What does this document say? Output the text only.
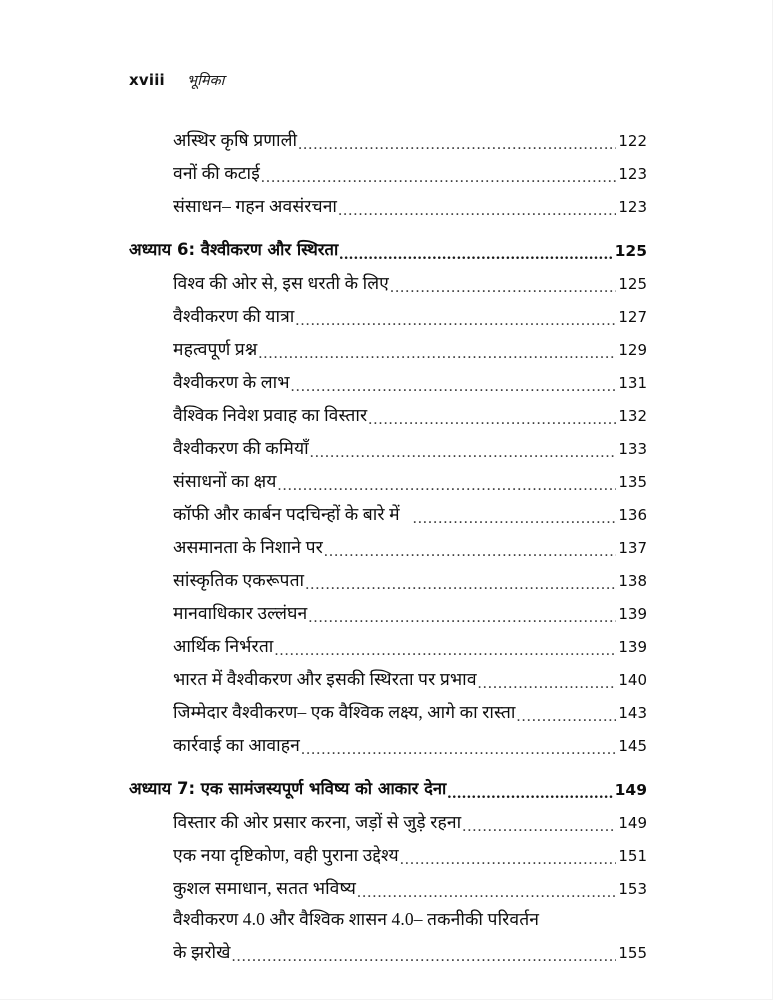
xviii भूमिका
अस्थिर कृषि प्रणाली .....	122
वनों की कटाई .....	123
संसाधन– गहन अवसंरचना .....	123
अध्याय 6: वैश्वीकरण और स्थिरता .....	125
विश्व की ओर से, इस धरती के लिए .....	125
वैश्वीकरण की यात्रा .....	127
महत्वपूर्ण प्रश्न .....	129
वैश्वीकरण के लाभ .....	131
वैश्विक निवेश प्रवाह का विस्तार .....	132
वैश्वीकरण की कमियाँ .....	133
संसाधनों का क्षय .....	135
कॉफी और कार्बन पदचिन्हों के बारे में .....	136
असमानता के निशाने पर .....	137
सांस्कृतिक एकरूपता .....	138
मानवाधिकार उल्लंघन .....	139
आर्थिक निर्भरता .....	139
भारत में वैश्वीकरण और इसकी स्थिरता पर प्रभाव .....	140
जिम्मेदार वैश्वीकरण– एक वैश्विक लक्ष्य, आगे का रास्ता .....	143
कार्रवाई का आवाहन .....	145
अध्याय 7: एक सामंजस्यपूर्ण भविष्य को आकार देना .....	149
विस्तार की ओर प्रसार करना, जड़ों से जुड़े रहना .....	149
एक नया दृष्टिकोण, वही पुराना उद्देश्य .....	151
कुशल समाधान, सतत भविष्य .....	153
वैश्वीकरण 4.0 और वैश्विक शासन 4.0– तकनीकी परिवर्तन
के झरोखे .....	155
